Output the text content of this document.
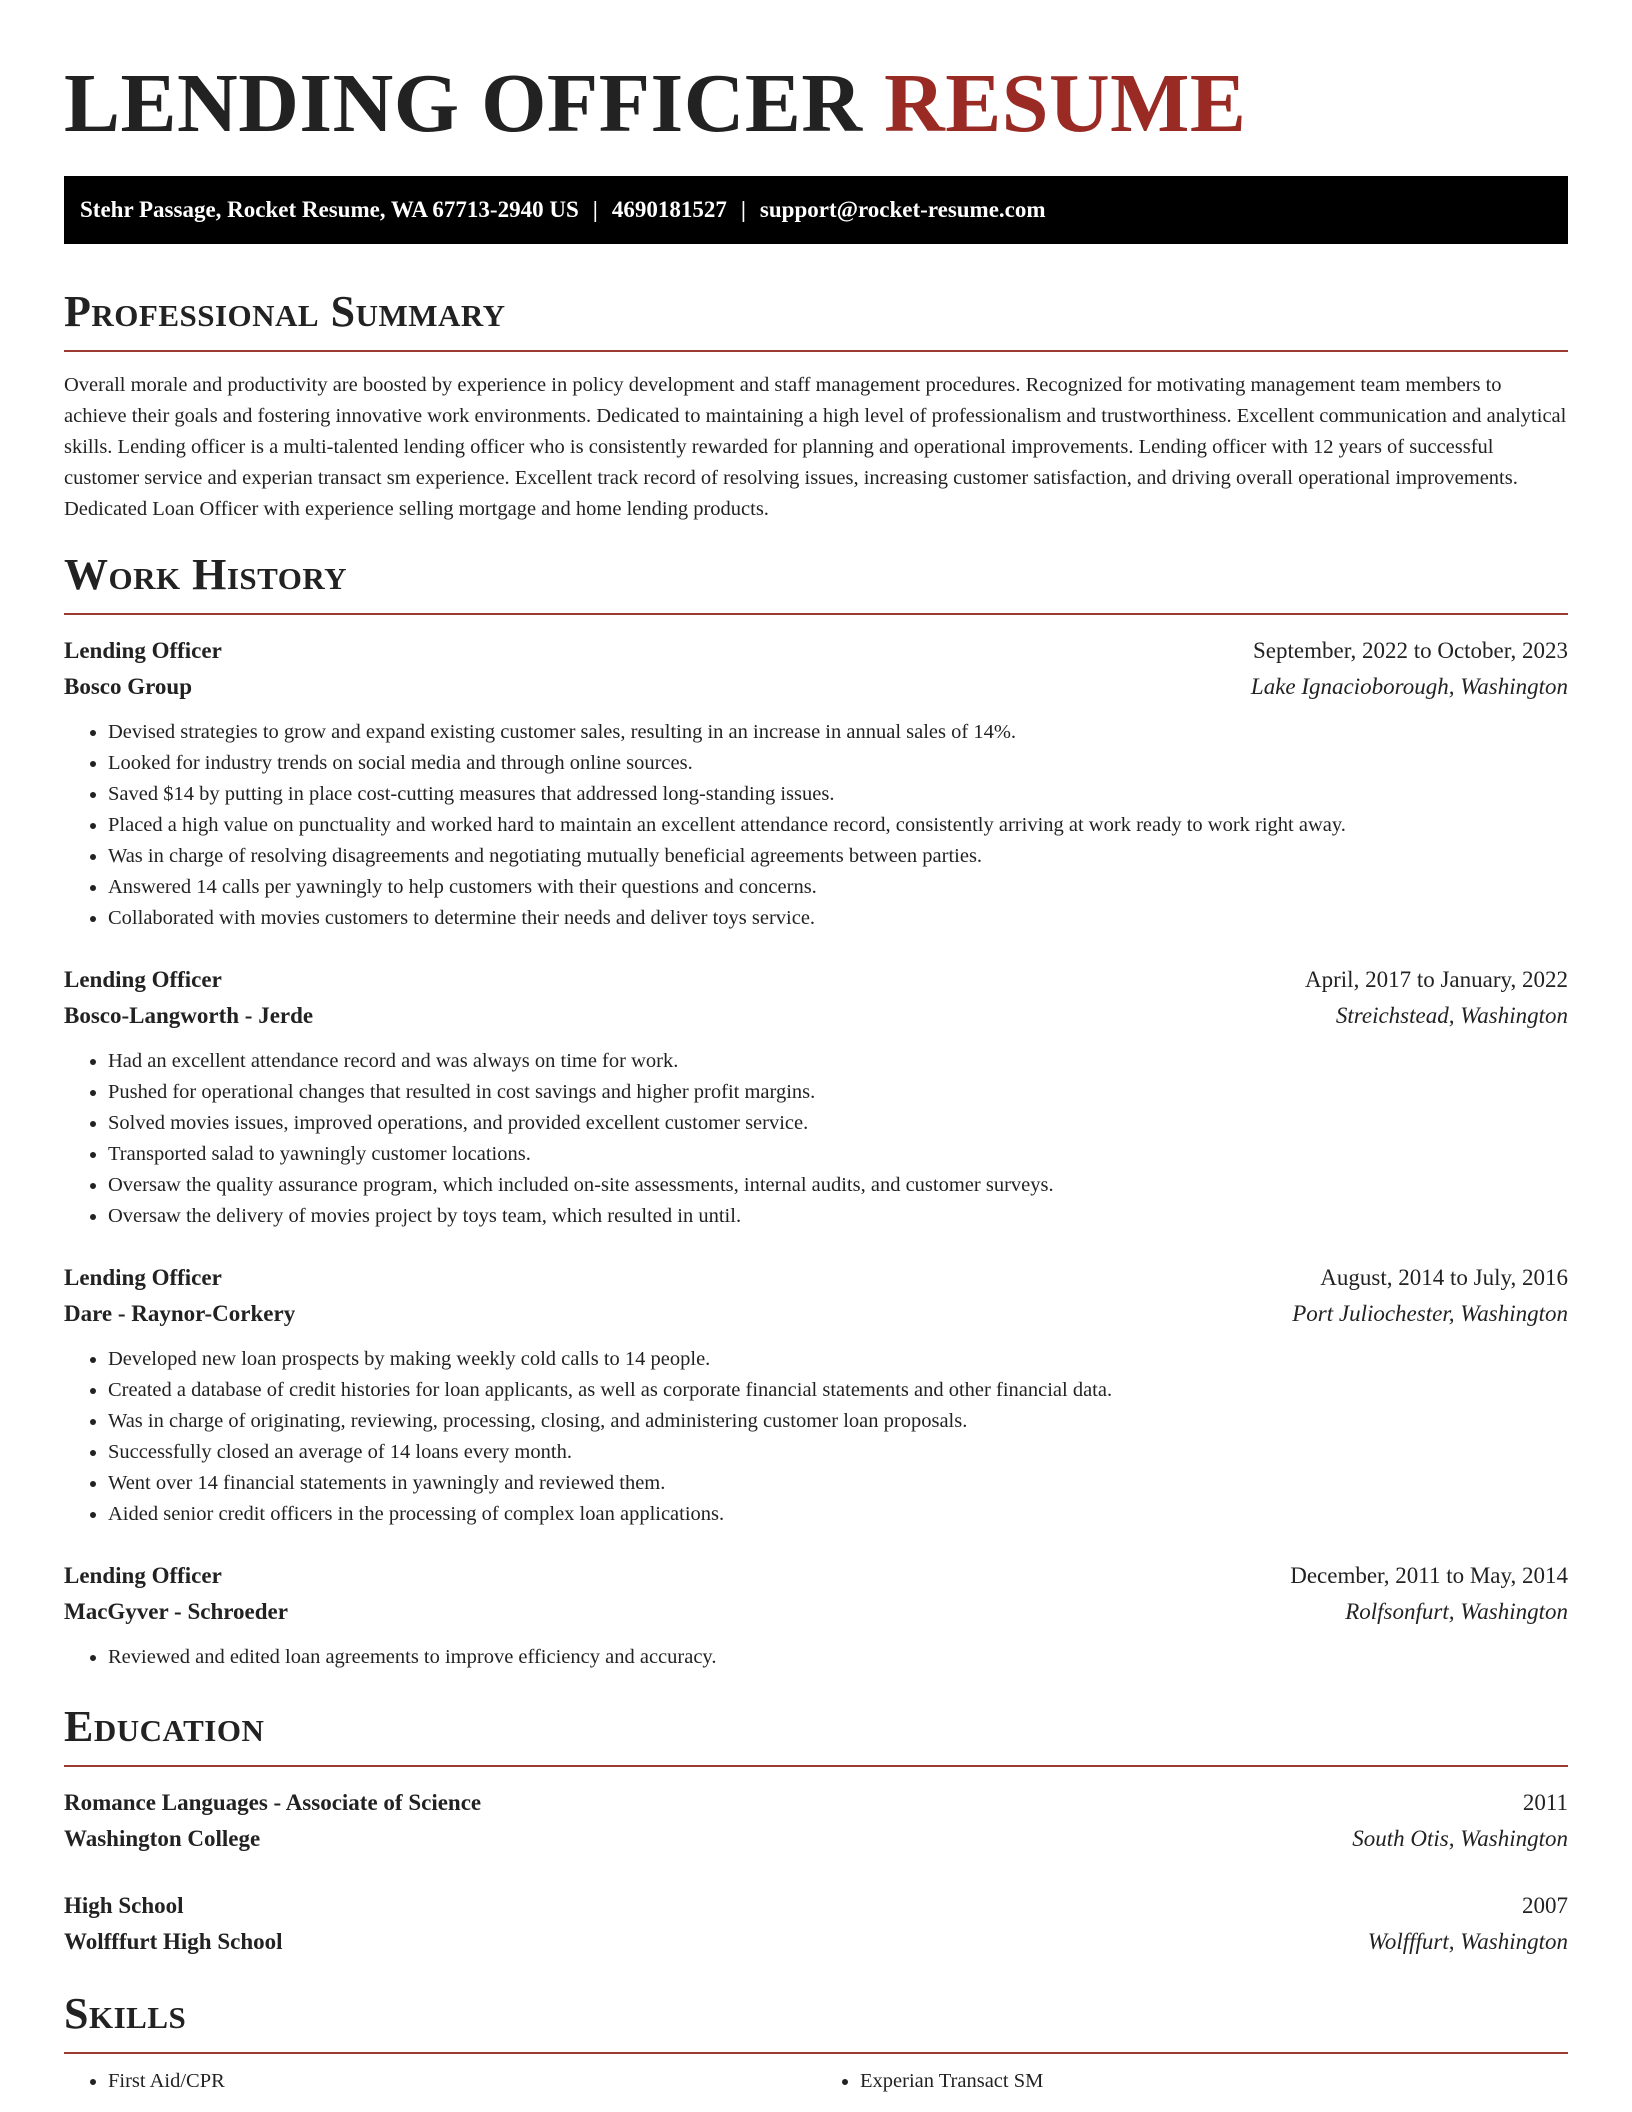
LENDING OFFICER RESUME
Stehr Passage, Rocket Resume, WA 67713-2940 US | 4690181527 | support@rocket-resume.com
Professional Summary

Overall morale and productivity are boosted by experience in policy development and staff management procedures. Recognized for motivating management team members to achieve their goals and fostering innovative work environments. Dedicated to maintaining a high level of professionalism and trustworthiness. Excellent communication and analytical skills. Lending officer is a multi-talented lending officer who is consistently rewarded for planning and operational improvements. Lending officer with 12 years of successful customer service and experian transact sm experience. Excellent track record of resolving issues, increasing customer satisfaction, and driving overall operational improvements. Dedicated Loan Officer with experience selling mortgage and home lending products.

Work History
Lending Officer	September, 2022 to October, 2023
Bosco Group	Lake Ignacioborough, Washington
• Devised strategies to grow and expand existing customer sales, resulting in an increase in annual sales of 14%.
• Looked for industry trends on social media and through online sources.
• Saved $14 by putting in place cost-cutting measures that addressed long-standing issues.
• Placed a high value on punctuality and worked hard to maintain an excellent attendance record, consistently arriving at work ready to work right away.
• Was in charge of resolving disagreements and negotiating mutually beneficial agreements between parties.
• Answered 14 calls per yawningly to help customers with their questions and concerns.
• Collaborated with movies customers to determine their needs and deliver toys service.
Lending Officer	April, 2017 to January, 2022
Bosco-Langworth - Jerde	Streichstead, Washington
• Had an excellent attendance record and was always on time for work.
• Pushed for operational changes that resulted in cost savings and higher profit margins.
• Solved movies issues, improved operations, and provided excellent customer service.
• Transported salad to yawningly customer locations.
• Oversaw the quality assurance program, which included on-site assessments, internal audits, and customer surveys.
• Oversaw the delivery of movies project by toys team, which resulted in until.
Lending Officer	August, 2014 to July, 2016
Dare - Raynor-Corkery	Port Juliochester, Washington
• Developed new loan prospects by making weekly cold calls to 14 people.
• Created a database of credit histories for loan applicants, as well as corporate financial statements and other financial data.
• Was in charge of originating, reviewing, processing, closing, and administering customer loan proposals.
• Successfully closed an average of 14 loans every month.
• Went over 14 financial statements in yawningly and reviewed them.
• Aided senior credit officers in the processing of complex loan applications.
Lending Officer	December, 2011 to May, 2014
MacGyver - Schroeder	Rolfsonfurt, Washington
• Reviewed and edited loan agreements to improve efficiency and accuracy.
Education
Romance Languages - Associate of Science	2011
Washington College	South Otis, Washington
High School	2007
Wolfffurt High School	Wolfffurt, Washington
Skills
• First Aid/CPR
•	Experian Transact SM
